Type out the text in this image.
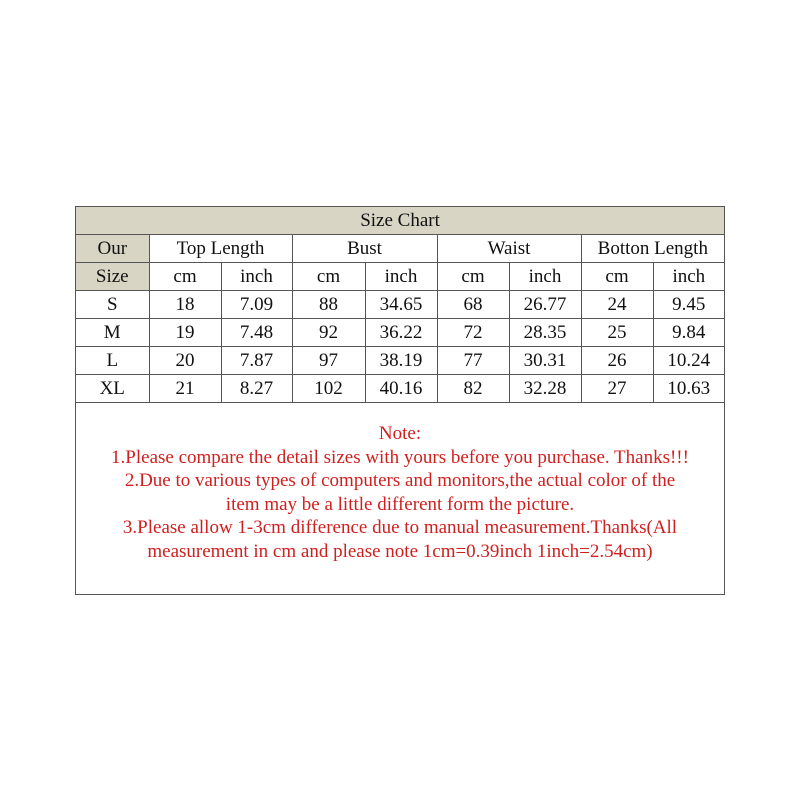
Size Chart								
Our	Top Length		Bust		Waist		Botton Length	
Size	cm	inch	cm	inch	cm	inch	cm	inch
S	18	7.09	88	34.65	68	26.77	24	9.45
M	19	7.48	92	36.22	72	28.35	25	9.84
L	20	7.87	97	38.19	77	30.31	26	10.24
XL	21	8.27	102	40.16	82	32.28	27	10.63
Note:
1.Please compare the detail sizes with yours before you purchase. Thanks!!!
2.Due to various types of computers and monitors,the actual color of the
item may be a little different form the picture.
3.Please allow 1-3cm difference due to manual measurement.Thanks(All
measurement in cm and please note 1cm=0.39inch 1inch=2.54cm)
